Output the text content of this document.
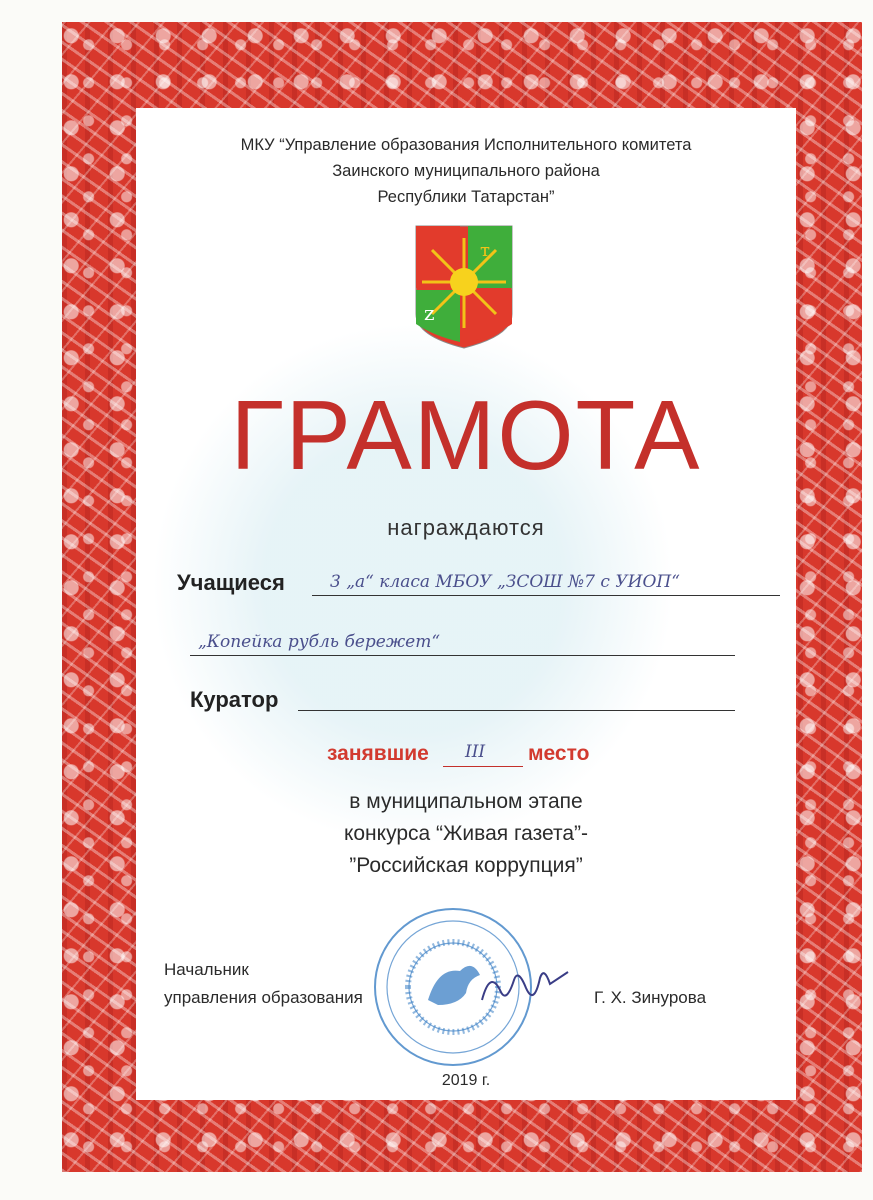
МКУ “Управление образования Исполнительного комитета
Заинского муниципального района
Республики Татарстан”
т
z
ГРАМОТА
награждаются
Учащиеся	3 „а“ класа МБОУ „ЗСОШ №7 с УИОП“
„Копейка рубль бережет“
Куратор
занявшие III место
в муниципальном этапе
конкурса “Живая газета”-
”Российская коррупция”
Начальник
управления образования	Г. Х. Зинурова
2019 г.
